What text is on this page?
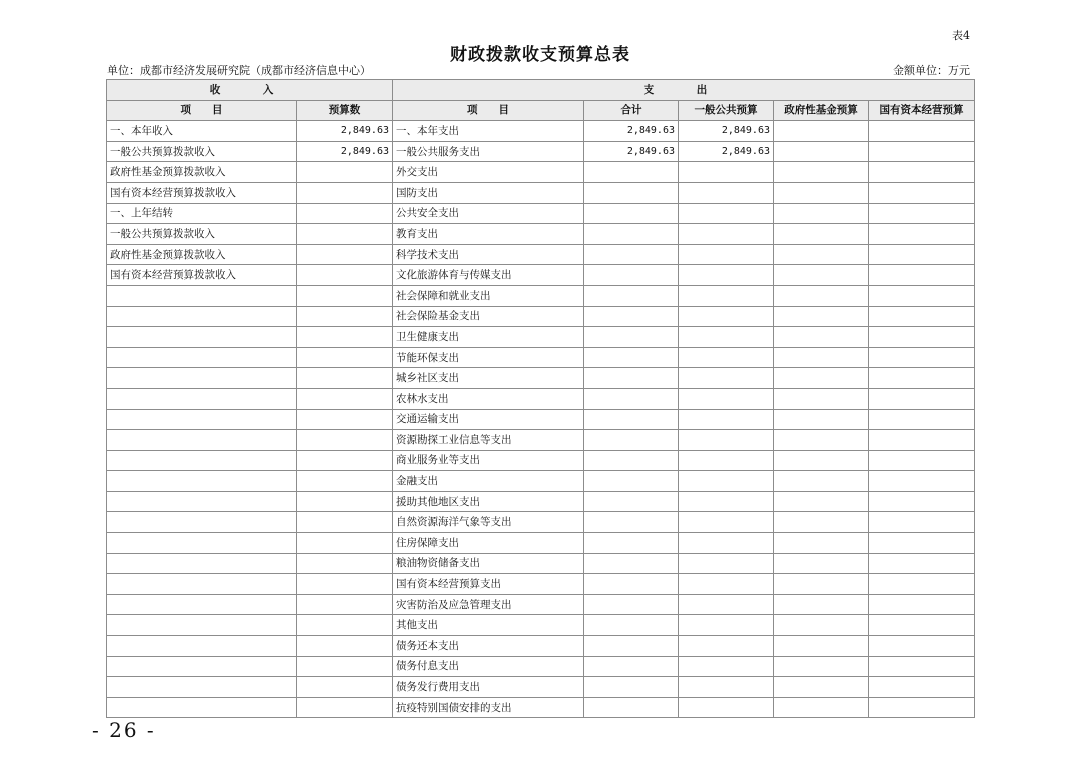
表4
财政拨款收支预算总表
单位：成都市经济发展研究院（成都市经济信息中心）	金额单位：万元
收　入		支　出				
项　　目	预算数	项　　目	合计	一般公共预算	政府性基金预算	国有资本经营预算
一、本年收入	2,849.63	一、本年支出	2,849.63	2,849.63		
一般公共预算拨款收入	2,849.63	一般公共服务支出	2,849.63	2,849.63		
政府性基金预算拨款收入		外交支出				
国有资本经营预算拨款收入		国防支出				
一、上年结转		公共安全支出				
一般公共预算拨款收入		教育支出				
政府性基金预算拨款收入		科学技术支出				
国有资本经营预算拨款收入		文化旅游体育与传媒支出				
		社会保障和就业支出				
		社会保险基金支出				
		卫生健康支出				
		节能环保支出				
		城乡社区支出				
		农林水支出				
		交通运输支出				
		资源勘探工业信息等支出				
		商业服务业等支出				
		金融支出				
		援助其他地区支出				
		自然资源海洋气象等支出				
		住房保障支出				
		粮油物资储备支出				
		国有资本经营预算支出				
		灾害防治及应急管理支出				
		其他支出				
		债务还本支出				
		债务付息支出				
		债务发行费用支出				
		抗疫特别国债安排的支出				
- 26 -
